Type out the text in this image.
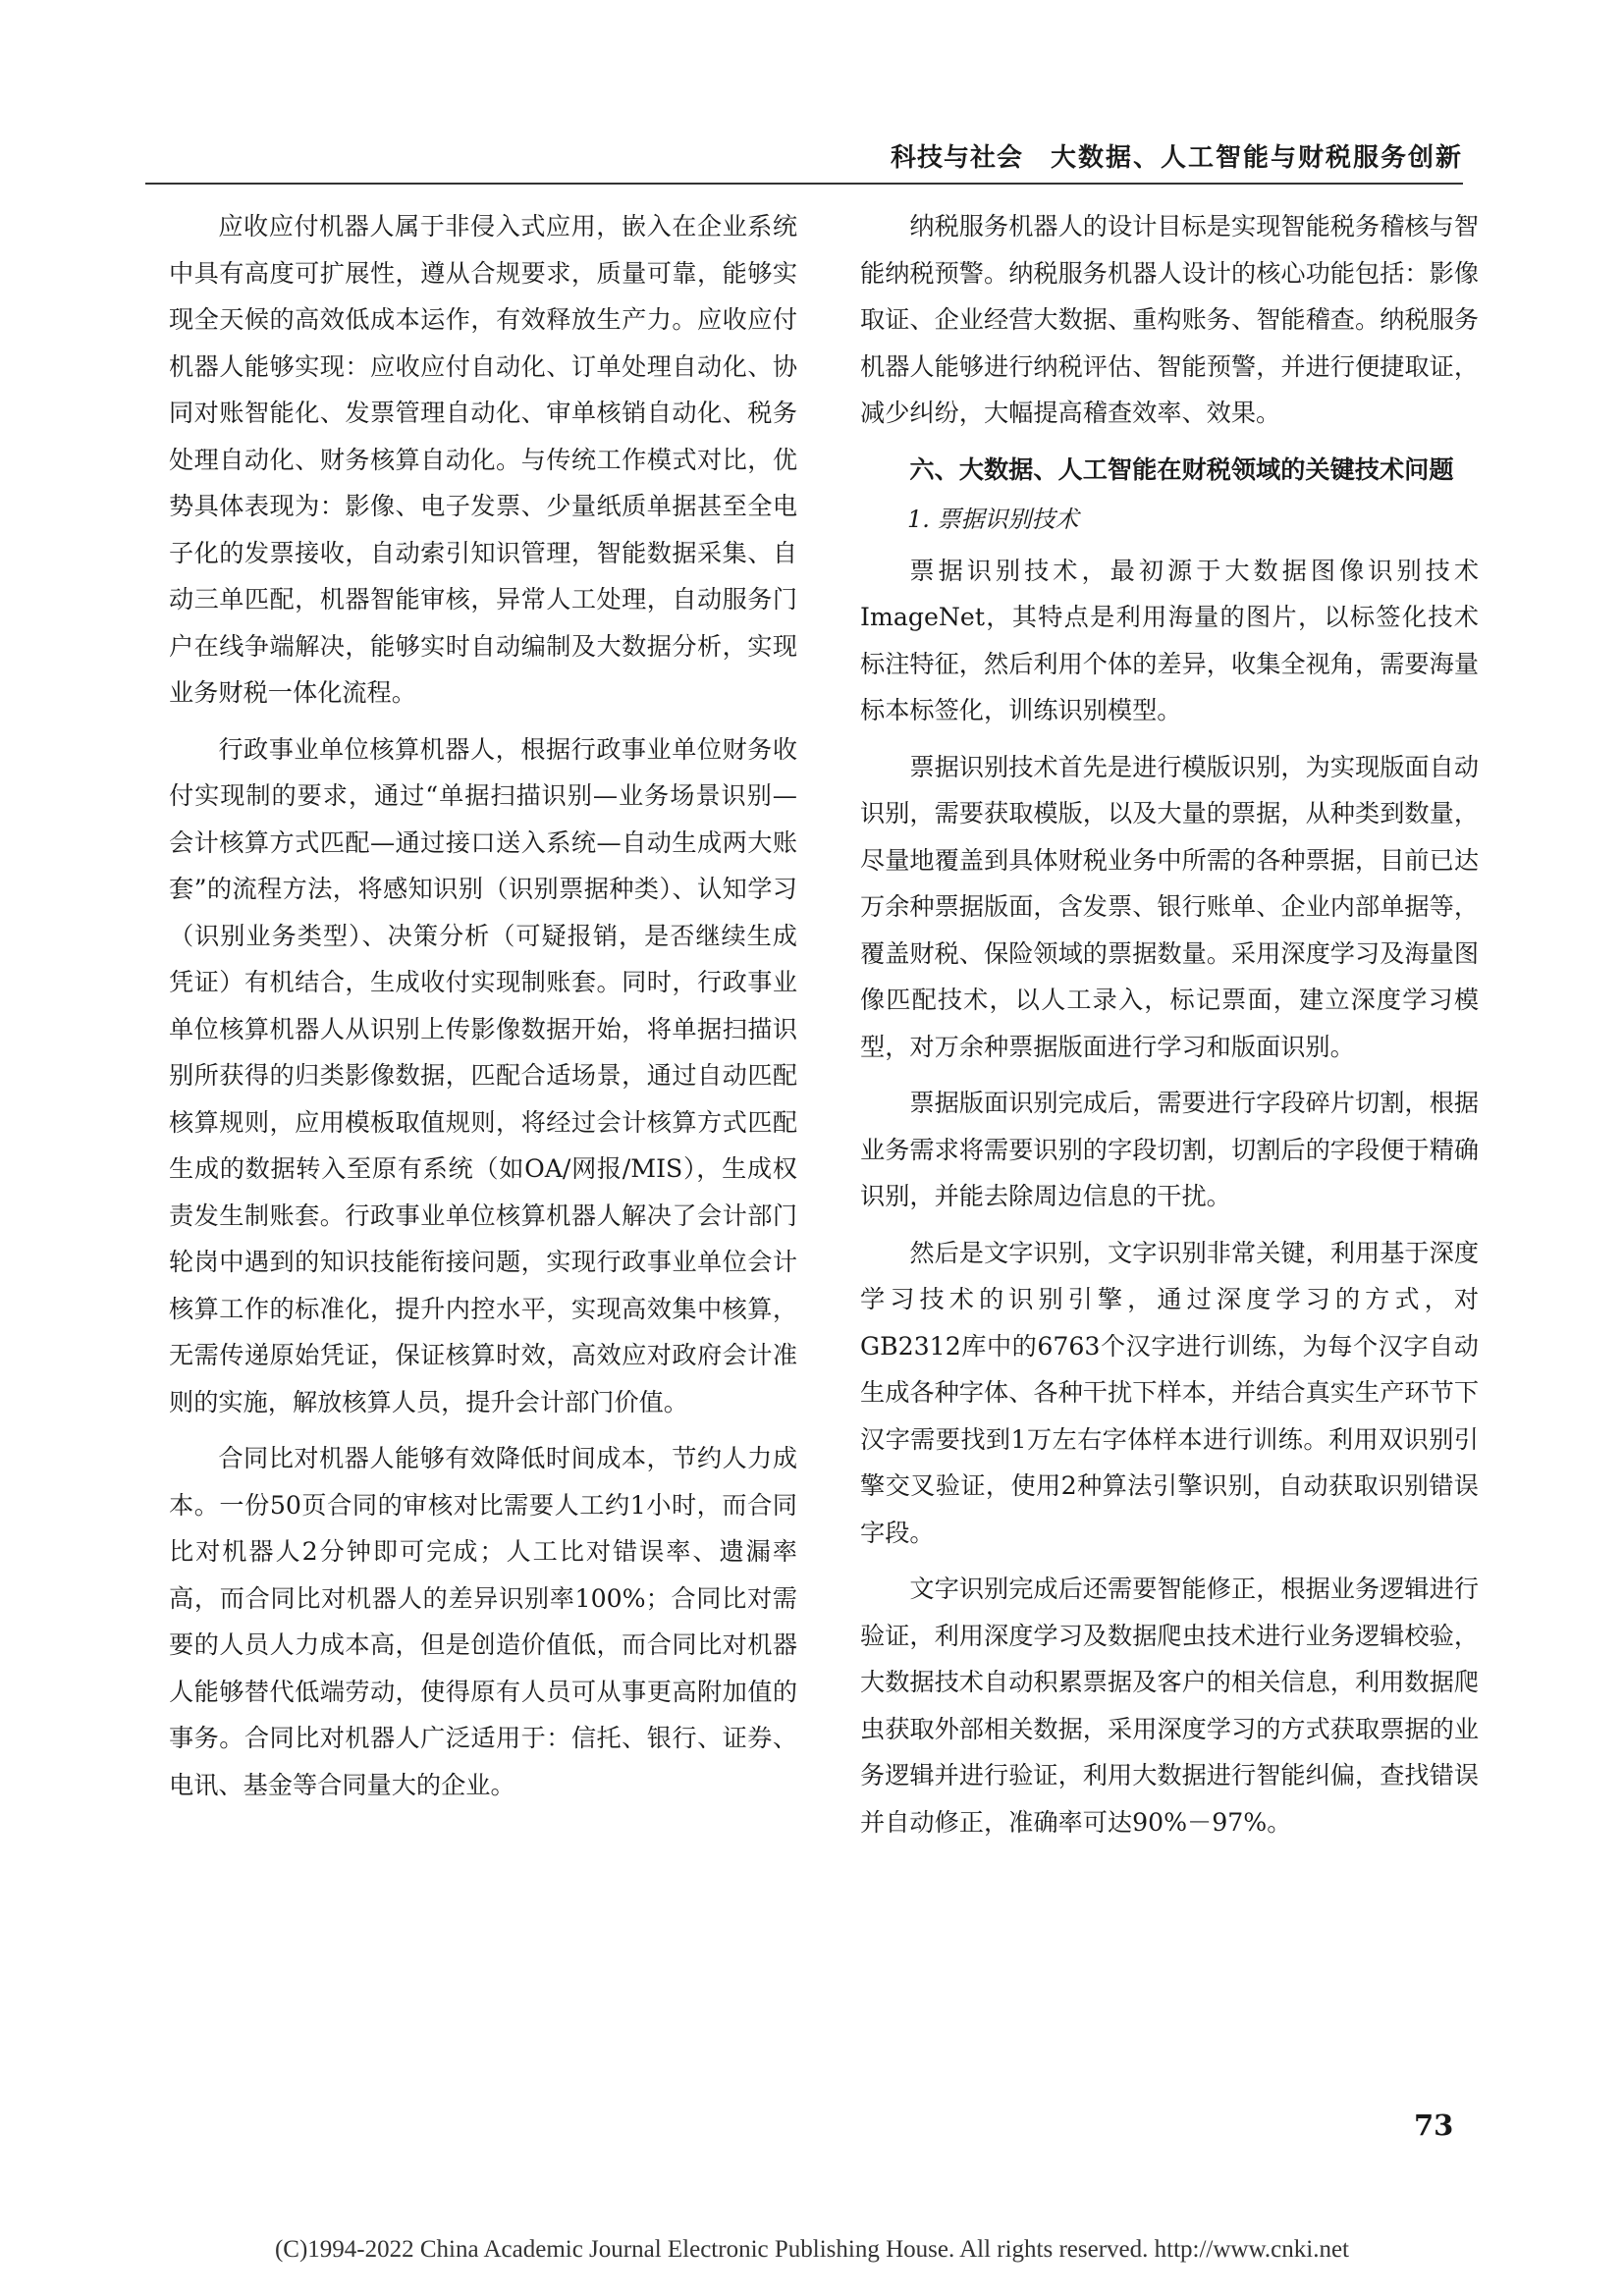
科技与社会 大数据、人工智能与财税服务创新

应收应付机器人属于非侵入式应用，嵌入在企业系统中具有高度可扩展性，遵从合规要求，质量可靠，能够实现全天候的高效低成本运作，有效释放生产力。应收应付机器人能够实现：应收应付自动化、订单处理自动化、协同对账智能化、发票管理自动化、审单核销自动化、税务处理自动化、财务核算自动化。与传统工作模式对比，优势具体表现为：影像、电子发票、少量纸质单据甚至全电子化的发票接收，自动索引知识管理，智能数据采集、自动三单匹配，机器智能审核，异常人工处理，自动服务门户在线争端解决，能够实时自动编制及大数据分析，实现业务财税一体化流程。

行政事业单位核算机器人，根据行政事业单位财务收付实现制的要求，通过“单据扫描识别—业务场景识别—会计核算方式匹配—通过接口送入系统—自动生成两大账套”的流程方法，将感知识别（识别票据种类）、认知学习（识别业务类型）、决策分析（可疑报销，是否继续生成凭证）有机结合，生成收付实现制账套。同时，行政事业单位核算机器人从识别上传影像数据开始，将单据扫描识别所获得的归类影像数据，匹配合适场景，通过自动匹配核算规则，应用模板取值规则，将经过会计核算方式匹配生成的数据转入至原有系统（如OA/网报/MIS），生成权责发生制账套。行政事业单位核算机器人解决了会计部门轮岗中遇到的知识技能衔接问题，实现行政事业单位会计核算工作的标准化，提升内控水平，实现高效集中核算，无需传递原始凭证，保证核算时效，高效应对政府会计准则的实施，解放核算人员，提升会计部门价值。

合同比对机器人能够有效降低时间成本，节约人力成本。一份50页合同的审核对比需要人工约1小时，而合同比对机器人2分钟即可完成；人工比对错误率、遗漏率高，而合同比对机器人的差异识别率100%；合同比对需要的人员人力成本高，但是创造价值低，而合同比对机器人能够替代低端劳动，使得原有人员可从事更高附加值的事务。合同比对机器人广泛适用于：信托、银行、证券、电讯、基金等合同量大的企业。

纳税服务机器人的设计目标是实现智能税务稽核与智能纳税预警。纳税服务机器人设计的核心功能包括：影像取证、企业经营大数据、重构账务、智能稽查。纳税服务机器人能够进行纳税评估、智能预警，并进行便捷取证，减少纠纷，大幅提高稽查效率、效果。

六、大数据、人工智能在财税领域的关键技术问题
1. 票据识别技术

票据识别技术，最初源于大数据图像识别技术ImageNet，其特点是利用海量的图片，以标签化技术标注特征，然后利用个体的差异，收集全视角，需要海量标本标签化，训练识别模型。

票据识别技术首先是进行模版识别，为实现版面自动识别，需要获取模版，以及大量的票据，从种类到数量，尽量地覆盖到具体财税业务中所需的各种票据，目前已达万余种票据版面，含发票、银行账单、企业内部单据等，覆盖财税、保险领域的票据数量。采用深度学习及海量图像匹配技术，以人工录入，标记票面，建立深度学习模型，对万余种票据版面进行学习和版面识别。

票据版面识别完成后，需要进行字段碎片切割，根据业务需求将需要识别的字段切割，切割后的字段便于精确识别，并能去除周边信息的干扰。

然后是文字识别，文字识别非常关键，利用基于深度学习技术的识别引擎，通过深度学习的方式，对GB2312库中的6763个汉字进行训练，为每个汉字自动生成各种字体、各种干扰下样本，并结合真实生产环节下汉字需要找到1万左右字体样本进行训练。利用双识别引擎交叉验证，使用2种算法引擎识别，自动获取识别错误字段。

文字识别完成后还需要智能修正，根据业务逻辑进行验证，利用深度学习及数据爬虫技术进行业务逻辑校验，大数据技术自动积累票据及客户的相关信息，利用数据爬虫获取外部相关数据，采用深度学习的方式获取票据的业务逻辑并进行验证，利用大数据进行智能纠偏，查找错误并自动修正，准确率可达90%－97%。

73
(C)1994-2022 China Academic Journal Electronic Publishing House. All rights reserved. http://www.cnki.net
